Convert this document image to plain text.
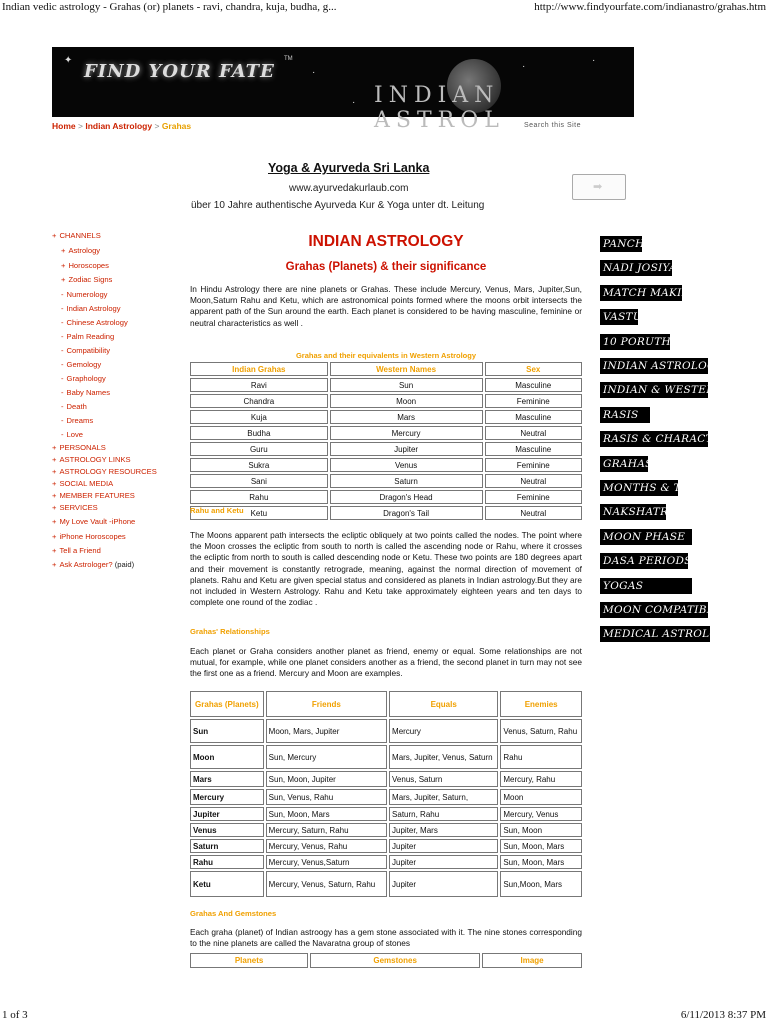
Indian vedic astrology - Grahas (or) planets - ravi, chandra, kuja, budha, g...	http://www.findyourfate.com/indianastro/grahas.htm
✦
·
·
·
·
FIND YOUR FATE
TM
INDIAN ASTROL
Home > Indian Astrology > Grahas	Search this Site
Yoga & Ayurveda Sri Lanka
www.ayurvedakurlaub.com
über 10 Jahre authentische Ayurveda Kur & Yoga unter dt. Leitung
➡
+ CHANNELS
+ Astrology
+ Horoscopes
+ Zodiac Signs
- Numerology
- Indian Astrology
- Chinese Astrology
- Palm Reading
- Compatibility
- Gemology
- Graphology
- Baby Names
- Death
- Dreams
- Love
+ PERSONALS
+ ASTROLOGY LINKS
+ ASTROLOGY RESOURCES
+ SOCIAL MEDIA
+ MEMBER FEATURES
+ SERVICES
+ My Love Vault -iPhone
+ iPhone Horoscopes
+ Tell a Friend
+ Ask Astrologer? (paid)
INDIAN ASTROLOGY
Grahas (Planets) & their significance
In Hindu Astrology there are nine planets or Grahas. These include Mercury, Venus, Mars, Jupiter,Sun, Moon,Saturn Rahu and Ketu, which are astronomical points formed where the moons orbit intersects the apparent path of the Sun around the earth. Each planet is considered to be having masculine, feminine or neutral characteristics as well .
Grahas and their equivalents in Western Astrology		
Indian Grahas	Western Names	Sex
Ravi	Sun	Masculine
Chandra	Moon	Feminine
Kuja	Mars	Masculine
Budha	Mercury	Neutral
Guru	Jupiter	Masculine
Sukra	Venus	Feminine
Sani	Saturn	Neutral
Rahu	Dragon's Head	Feminine
Ketu	Dragon's Tail	Neutral
Rahu and Ketu
The Moons apparent path intersects the ecliptic obliquely at two points called the nodes. The point where the Moon crosses the ecliptic from south to north is called the ascending node or Rahu, where it crosses the ecliptic from north to south is called descending node or Ketu. These two points are 180 degrees apart and their movement is constantly retrograde, meaning, against the normal direction of movement of planets. Rahu and Ketu are given special status and considered as planets in Indian astrology.But they are not included in Western Astrology. Rahu and Ketu take approximately eighteen years and ten days to complete one round of the zodiac .
Grahas' Relationships
Each planet or Graha considers another planet as friend, enemy or equal. Some relationships are not mutual, for example, while one planet considers another as a friend, the second planet in turn may not see the first one as a friend. Mercury and Moon are examples.
Grahas (Planets)	Friends	Equals	Enemies
Sun	Moon, Mars, Jupiter	Mercury	Venus, Saturn, Rahu
Moon	Sun, Mercury	Mars, Jupiter, Venus, Saturn	Rahu
Mars	Sun, Moon, Jupiter	Venus, Saturn	Mercury, Rahu
Mercury	Sun, Venus, Rahu	Mars, Jupiter, Saturn,	Moon
Jupiter	Sun, Moon, Mars	Saturn, Rahu	Mercury, Venus
Venus	Mercury, Saturn, Rahu	Jupiter, Mars	Sun, Moon
Saturn	Mercury, Venus, Rahu	Jupiter	Sun, Moon, Mars
Rahu	Mercury, Venus,Saturn	Jupiter	Sun, Moon, Mars
Ketu	Mercury, Venus, Saturn, Rahu	Jupiter	Sun,Moon, Mars
Grahas And Gemstones
Each graha (planet) of Indian astroogy has a gem stone associated with it. The nine stones corresponding to the nine planets are called the Navaratna group of stones
Planets	Gemstones	Image
PANCH
NADI JOSIYAM
MATCH MAKING
VASTU
10 PORUTHAM
INDIAN ASTROLOGY
INDIAN & WESTERN
RASIS
RASIS & CHARACTERISTICS
GRAHAS
MONTHS & TITHIS
NAKSHATRAS
MOON PHASE
DASA PERIODS
YOGAS
MOON COMPATIBILITY
MEDICAL ASTROLOGY
1 of 3	6/11/2013 8:37 PM
